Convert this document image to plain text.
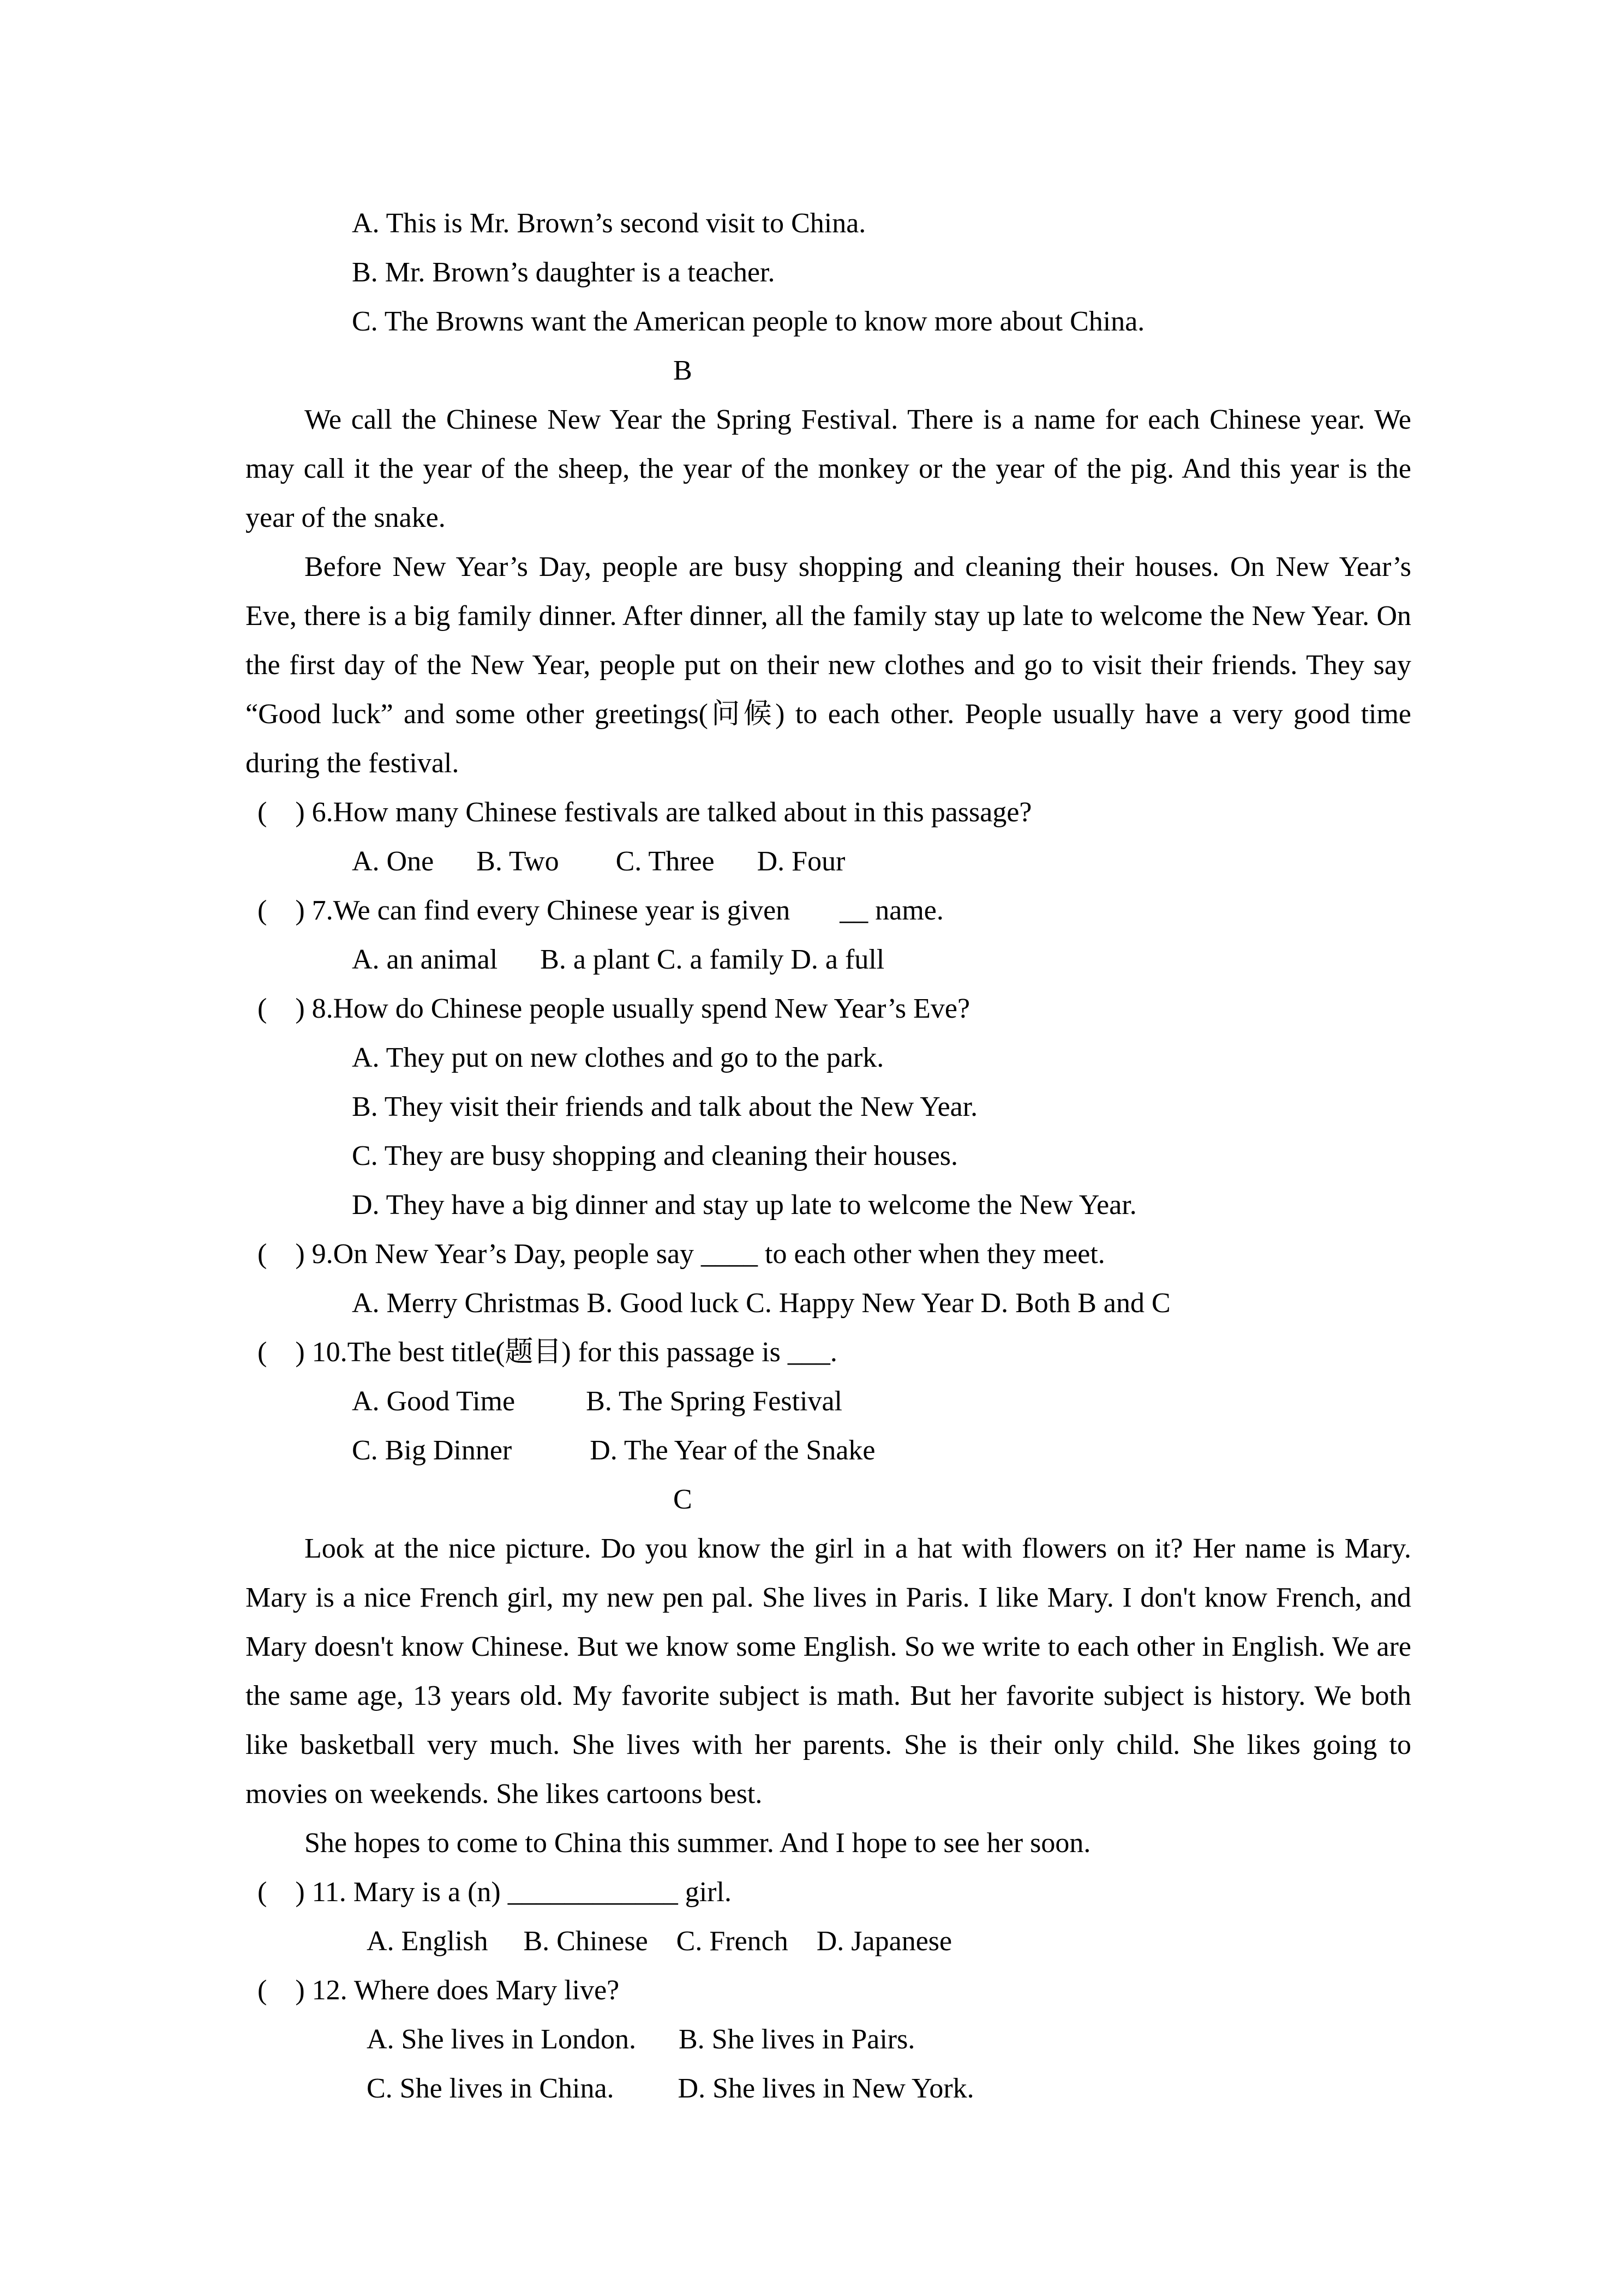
A. This is Mr. Brown’s second visit to China.
B. Mr. Brown’s daughter is a teacher.
C. The Browns want the American people to know more about China.
B

We call the Chinese New Year the Spring Festival. There is a name for each Chinese year. We may call it the year of the sheep, the year of the monkey or the year of the pig. And this year is the year of the snake.

Before New Year’s Day, people are busy shopping and cleaning their houses. On New Year’s Eve, there is a big family dinner. After dinner, all the family stay up late to welcome the New Year. On the first day of the New Year, people put on their new clothes and go to visit their friends. They say “Good luck” and some other greetings(问候) to each other. People usually have a very good time during the festival.

(    ) 6.How many Chinese festivals are talked about in this passage?
A. One      B. Two        C. Three      D. Four
(    ) 7.We can find every Chinese year is given       __ name.
A. an animal      B. a plant C. a family D. a full
(    ) 8.How do Chinese people usually spend New Year’s Eve?
A. They put on new clothes and go to the park.
B. They visit their friends and talk about the New Year.
C. They are busy shopping and cleaning their houses.
D. They have a big dinner and stay up late to welcome the New Year.
(    ) 9.On New Year’s Day, people say ____ to each other when they meet.
A. Merry Christmas B. Good luck C. Happy New Year D. Both B and C
(    ) 10.The best title(题目) for this passage is ___.
A. Good Time          B. The Spring Festival
C. Big Dinner           D. The Year of the Snake
C

Look at the nice picture. Do you know the girl in a hat with flowers on it? Her name is Mary. Mary is a nice French girl, my new pen pal. She lives in Paris. I like Mary. I don't know French, and Mary doesn't know Chinese. But we know some English. So we write to each other in English. We are the same age, 13 years old. My favorite subject is math. But her favorite subject is history. We both like basketball very much. She lives with her parents. She is their only child. She likes going to movies on weekends. She likes cartoons best.

She hopes to come to China this summer. And I hope to see her soon.

(    ) 11. Mary is a (n) ____________ girl.
A. English     B. Chinese    C. French    D. Japanese
(    ) 12. Where does Mary live?
A. She lives in London.      B. She lives in Pairs.
C. She lives in China.         D. She lives in New York.
